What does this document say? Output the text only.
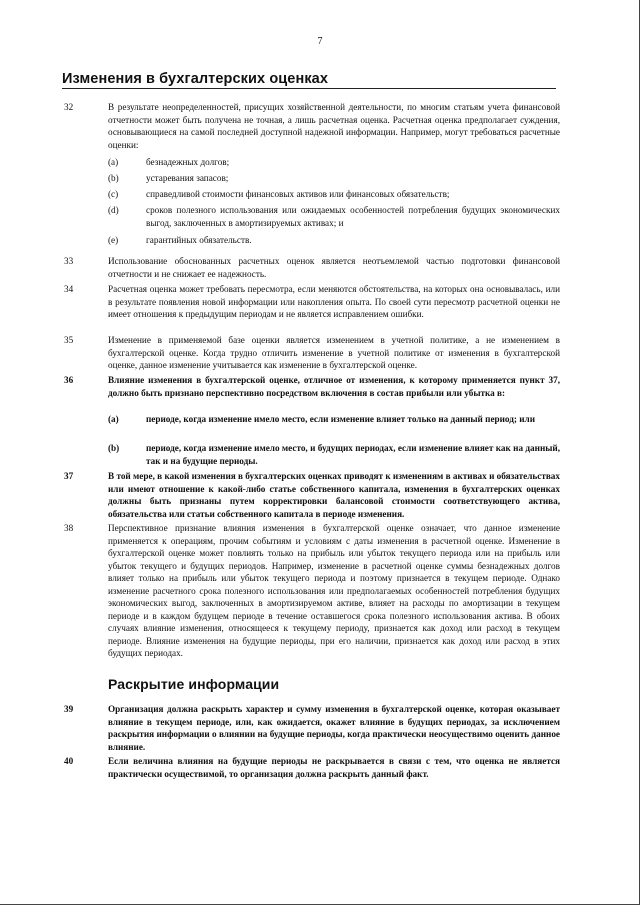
7
Изменения в бухгалтерских оценках
32	В результате неопределенностей, присущих хозяйственной деятельности, по многим статьям учета финансовой отчетности может быть получена не точная, а лишь расчетная оценка. Расчетная оценка предполагает суждения, основывающиеся на самой последней доступной надежной информации. Например, могут требоваться расчетные оценки:

(a)	безнадежных долгов;

(b)	устаревания запасов;

(c)	справедливой стоимости финансовых активов или финансовых обязательств;

(d)	сроков полезного использования или ожидаемых особенностей потребления будущих экономических выгод, заключенных в амортизируемых активах; и

(e)	гарантийных обязательств.

33	Использование обоснованных расчетных оценок является неотъемлемой частью подготовки финансовой отчетности и не снижает ее надежность.

34	Расчетная оценка может требовать пересмотра, если меняются обстоятельства, на которых она основывалась, или в результате появления новой информации или накопления опыта. По своей сути пересмотр расчетной оценки не имеет отношения к предыдущим периодам и не является исправлением ошибки.

35	Изменение в применяемой базе оценки является изменением в учетной политике, а не изменением в бухгалтерской оценке. Когда трудно отличить изменение в учетной политике от изменения в бухгалтерской оценке, данное изменение учитывается как изменение в бухгалтерской оценке.

36	Влияние изменения в бухгалтерской оценке, отличное от изменения, к которому применяется пункт 37, должно быть признано перспективно посредством включения в состав прибыли или убытка в:

(a)	периоде, когда изменение имело место, если изменение влияет только на данный период; или

(b)	периоде, когда изменение имело место, и будущих периодах, если изменение влияет как на данный, так и на будущие периоды.

37	В той мере, в какой изменения в бухгалтерских оценках приводят к изменениям в активах и обязательствах или имеют отношение к какой-либо статье собственного капитала, изменения в бухгалтерских оценках должны быть признаны путем корректировки балансовой стоимости соответствующего актива, обязательства или статьи собственного капитала в периоде изменения.

38	Перспективное признание влияния изменения в бухгалтерской оценке означает, что данное изменение применяется к операциям, прочим событиям и условиям с даты изменения в расчетной оценке. Изменение в бухгалтерской оценке может повлиять только на прибыль или убыток текущего периода или на прибыль или убыток текущего и будущих периодов. Например, изменение в расчетной оценке суммы безнадежных долгов влияет только на прибыль или убыток текущего периода и поэтому признается в текущем периоде. Однако изменение расчетного срока полезного использования или предполагаемых особенностей потребления будущих экономических выгод, заключенных в амортизируемом активе, влияет на расходы по амортизации в текущем периоде и в каждом будущем периоде в течение оставшегося срока полезного использования актива. В обоих случаях влияние изменения, относящееся к текущему периоду, признается как доход или расход в текущем периоде. Влияние изменения на будущие периоды, при его наличии, признается как доход или расход в этих будущих периодах.

Раскрытие информации
39	Организация должна раскрыть характер и сумму изменения в бухгалтерской оценке, которая оказывает влияние в текущем периоде, или, как ожидается, окажет влияние в будущих периодах, за исключением раскрытия информации о влиянии на будущие периоды, когда практически неосуществимо оценить данное влияние.

40	Если величина влияния на будущие периоды не раскрывается в связи с тем, что оценка не является практически осуществимой, то организация должна раскрыть данный факт.
